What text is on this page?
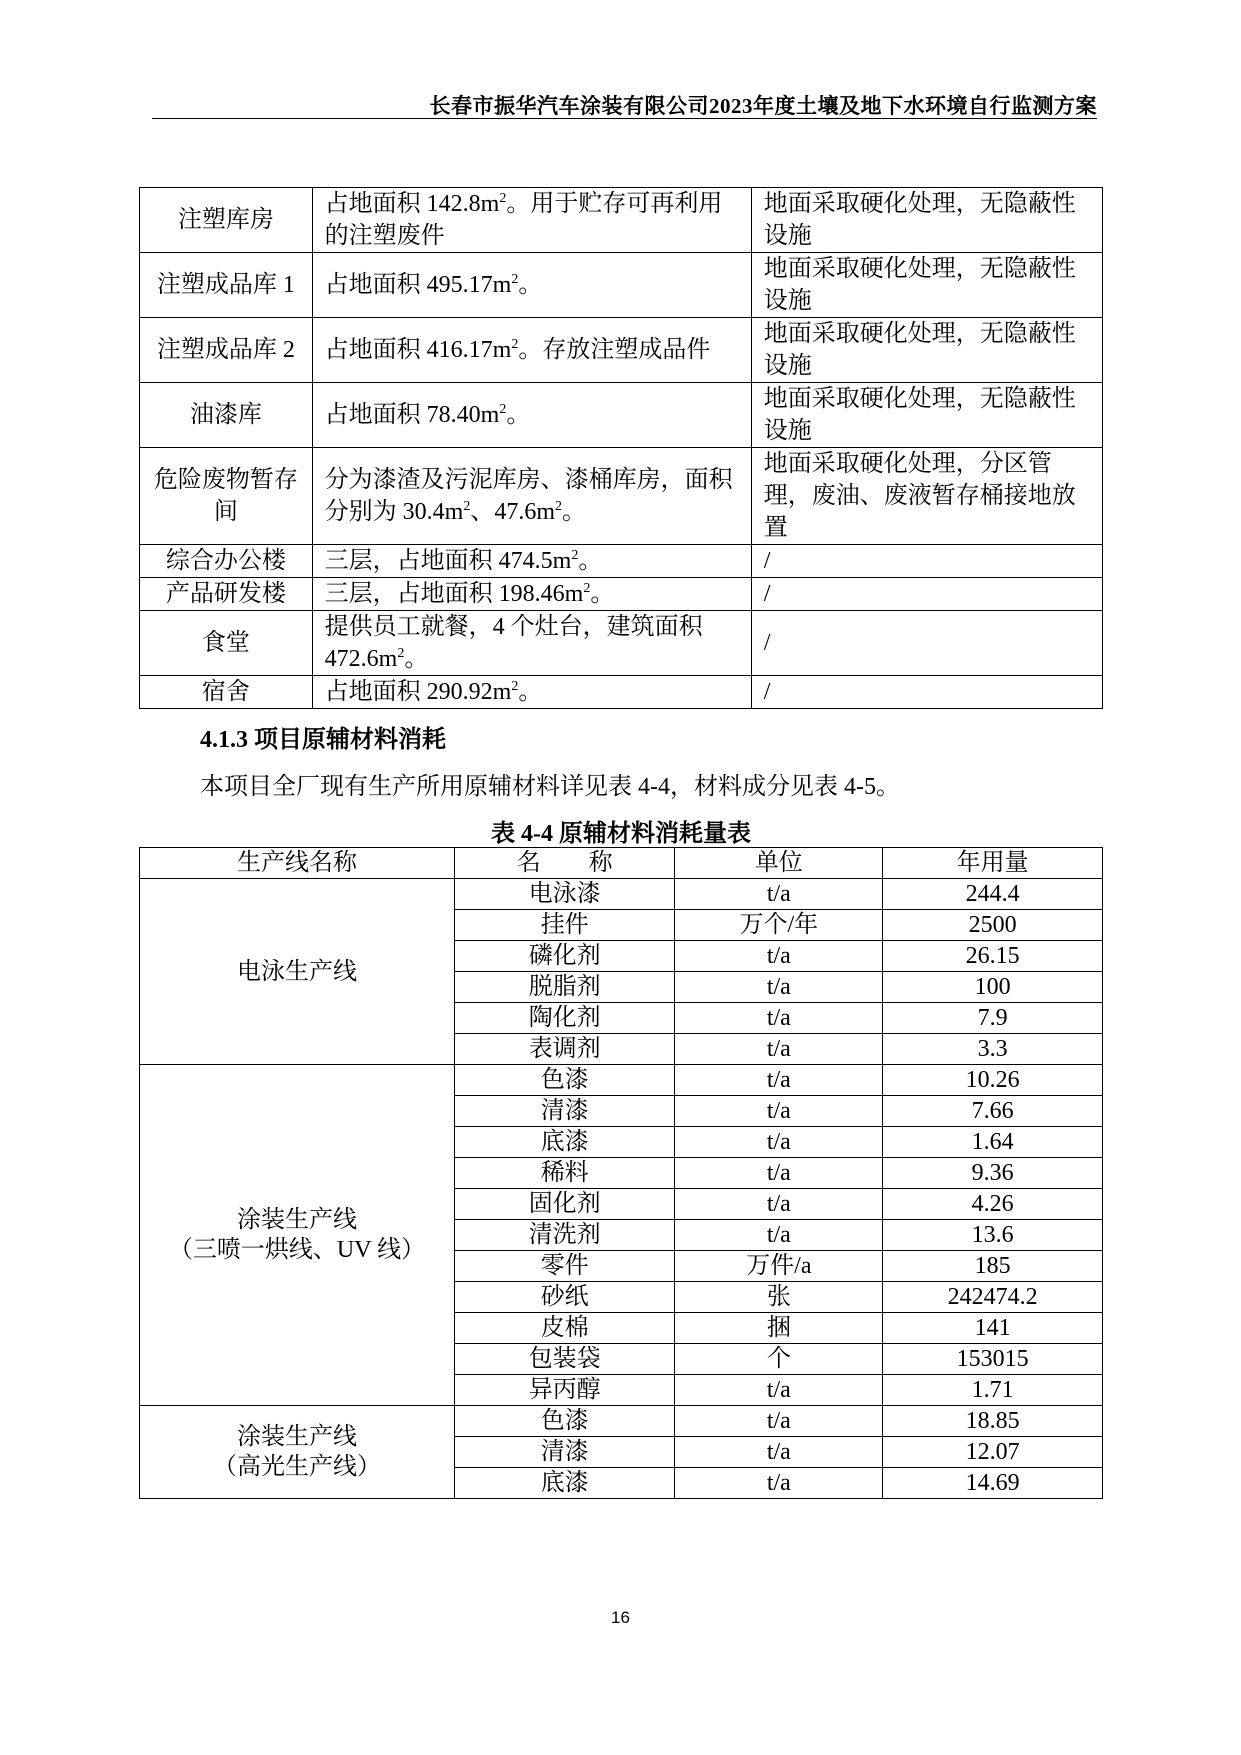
长春市振华汽车涂装有限公司2023年度土壤及地下水环境自行监测方案
注塑库房	占地面积 $142.8m^2$。用于贮存可再利用的注塑废件	地面采取硬化处理，无隐蔽性设施
注塑成品库 1	占地面积 $495.17m^2$。	地面采取硬化处理，无隐蔽性设施
注塑成品库 2	占地面积 $416.17m^2$。存放注塑成品件	地面采取硬化处理，无隐蔽性设施
油漆库	占地面积 $78.40m^2$。	地面采取硬化处理，无隐蔽性设施
危险废物暂存间	分为漆渣及污泥库房、漆桶库房，面积分别为 $30.4m^2$、$47.6m^2$。	地面采取硬化处理，分区管理，废油、废液暂存桶接地放置
综合办公楼	三层，占地面积 $474.5m^2$。	/
产品研发楼	三层，占地面积 $198.46m^2$。	/
食堂	提供员工就餐，4 个灶台，建筑面积 $472.6m^2$。	/
宿舍	占地面积 $290.92m^2$。	/
4.1.3 项目原辅材料消耗
本项目全厂现有生产所用原辅材料详见表 4-4，材料成分见表 4-5。
表 4-4 原辅材料消耗量表
生产线名称	名　　称	单位	年用量

电泳生产线	电泳漆	t/a	244.4
	挂件	万个/年	2500
	磷化剂	t/a	26.15
	脱脂剂	t/a	100
	陶化剂	t/a	7.9
	表调剂	t/a	3.3

涂装生产线
（三喷一烘线、UV 线）	色漆	t/a	10.26
	清漆	t/a	7.66
	底漆	t/a	1.64
	稀料	t/a	9.36
	固化剂	t/a	4.26
	清洗剂	t/a	13.6
	零件	万件/a	185
	砂纸	张	242474.2
	皮棉	捆	141
	包装袋	个	153015
	异丙醇	t/a	1.71

涂装生产线
（高光生产线）	色漆	t/a	18.85
	清漆	t/a	12.07
	底漆	t/a	14.69
16
